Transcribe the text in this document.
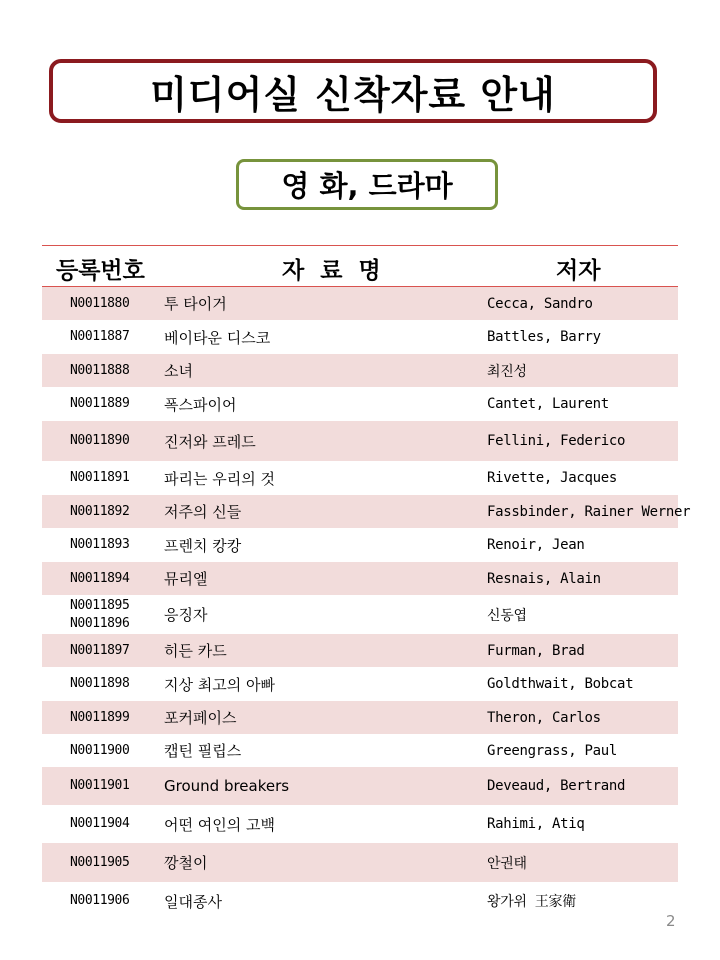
미디어실 신착자료 안내
영 화, 드라마
등록번호	자 료 명	저자
N0011880 투 타이거	Cecca, Sandro
N0011887 베이타운 디스코	Battles, Barry
N0011888 소녀	최진성
N0011889 폭스파이어	Cantet, Laurent
N0011890 진저와 프레드	Fellini, Federico
N0011891 파리는 우리의 것	Rivette, Jacques
N0011892 저주의 신들	Fassbinder, Rainer Werner
N0011893 프렌치 캉캉	Renoir, Jean
N0011894 뮤리엘	Resnais, Alain
N0011895
N0011896 응징자	신동엽
N0011897 히든 카드	Furman, Brad
N0011898 지상 최고의 아빠	Goldthwait, Bobcat
N0011899 포커페이스	Theron, Carlos
N0011900 캡틴 필립스	Greengrass, Paul
N0011901 Ground breakers	Deveaud, Bertrand
N0011904 어떤 여인의 고백	Rahimi, Atiq
N0011905 깡철이	안권태
N0011906 일대종사	왕가위 王家衛
2
